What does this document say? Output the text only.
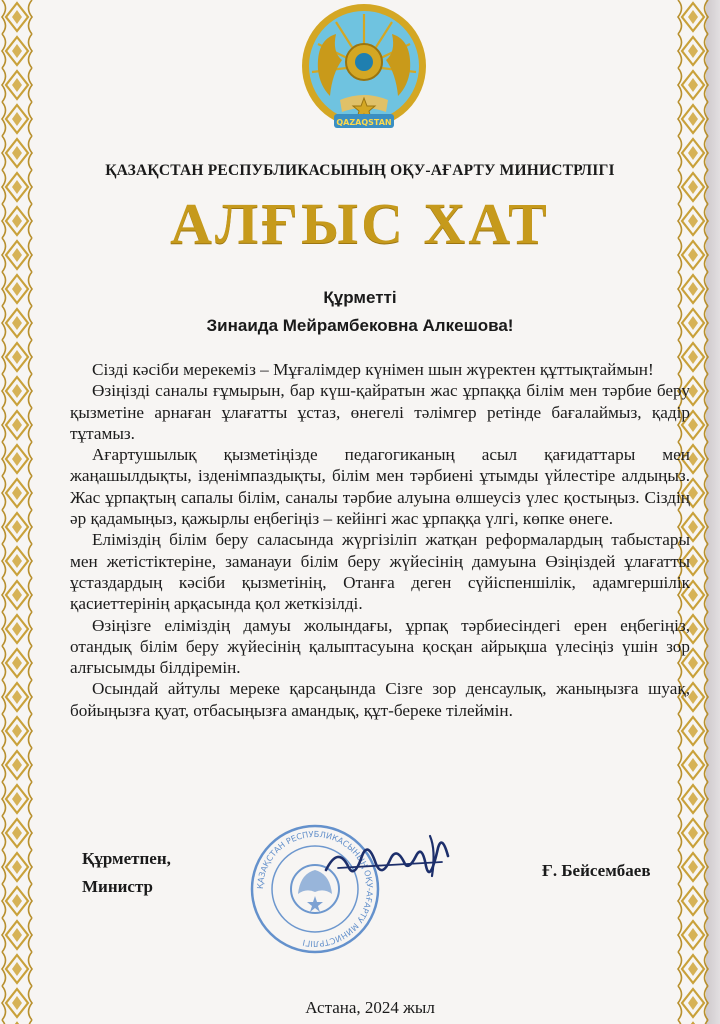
QAZAQSTAN
ҚАЗАҚСТАН РЕСПУБЛИКАСЫНЫҢ ОҚУ-АҒАРТУ МИНИСТРЛІГІ
АЛҒЫС ХАТ
Құрметті
Зинаида Мейрамбековна Алкешова!

Сізді кәсіби мерекеміз – Мұғалімдер күнімен шын жүректен құттықтаймын!

Өзіңізді саналы ғұмырын, бар күш-қайратын жас ұрпаққа білім мен тәрбие беру қызметіне арнаған ұлағатты ұстаз, өнегелі тәлімгер ретінде бағалаймыз, қадір тұтамыз.

Ағартушылық қызметіңізде педагогиканың асыл қағидаттары мен жаңашылдықты, ізденімпаздықты, білім мен тәрбиені ұтымды үйлестіре алдыңыз. Жас ұрпақтың сапалы білім, саналы тәрбие алуына өлшеусіз үлес қостыңыз. Сіздің әр қадамыңыз, қажырлы еңбегіңіз – кейінгі жас ұрпаққа үлгі, көпке өнеге.

Еліміздің білім беру саласында жүргізіліп жатқан реформалардың табыстары мен жетістіктеріне, заманауи білім беру жүйесінің дамуына Өзіңіздей ұлағатты ұстаздардың кәсіби қызметінің, Отанға деген сүйіспеншілік, адамгершілік қасиеттерінің арқасында қол жеткізілді.

Өзіңізге еліміздің дамуы жолындағы, ұрпақ тәрбиесіндегі ерен еңбегіңіз, отандық білім беру жүйесінің қалыптасуына қосқан айрықша үлесіңіз үшін зор алғысымды білдіремін.

Осындай айтулы мереке қарсаңында Сізге зор денсаулық, жаныңызға шуақ, бойыңызға қуат, отбасыңызға амандық, құт-береке тілеймін.

Құрметпен,
Министр	ҚАЗАҚСТАН РЕСПУБЛИКАСЫНЫҢ ОҚУ-АҒАРТУ МИНИСТРЛІГІ
Ғ. Бейсембаев
Астана, 2024 жыл
